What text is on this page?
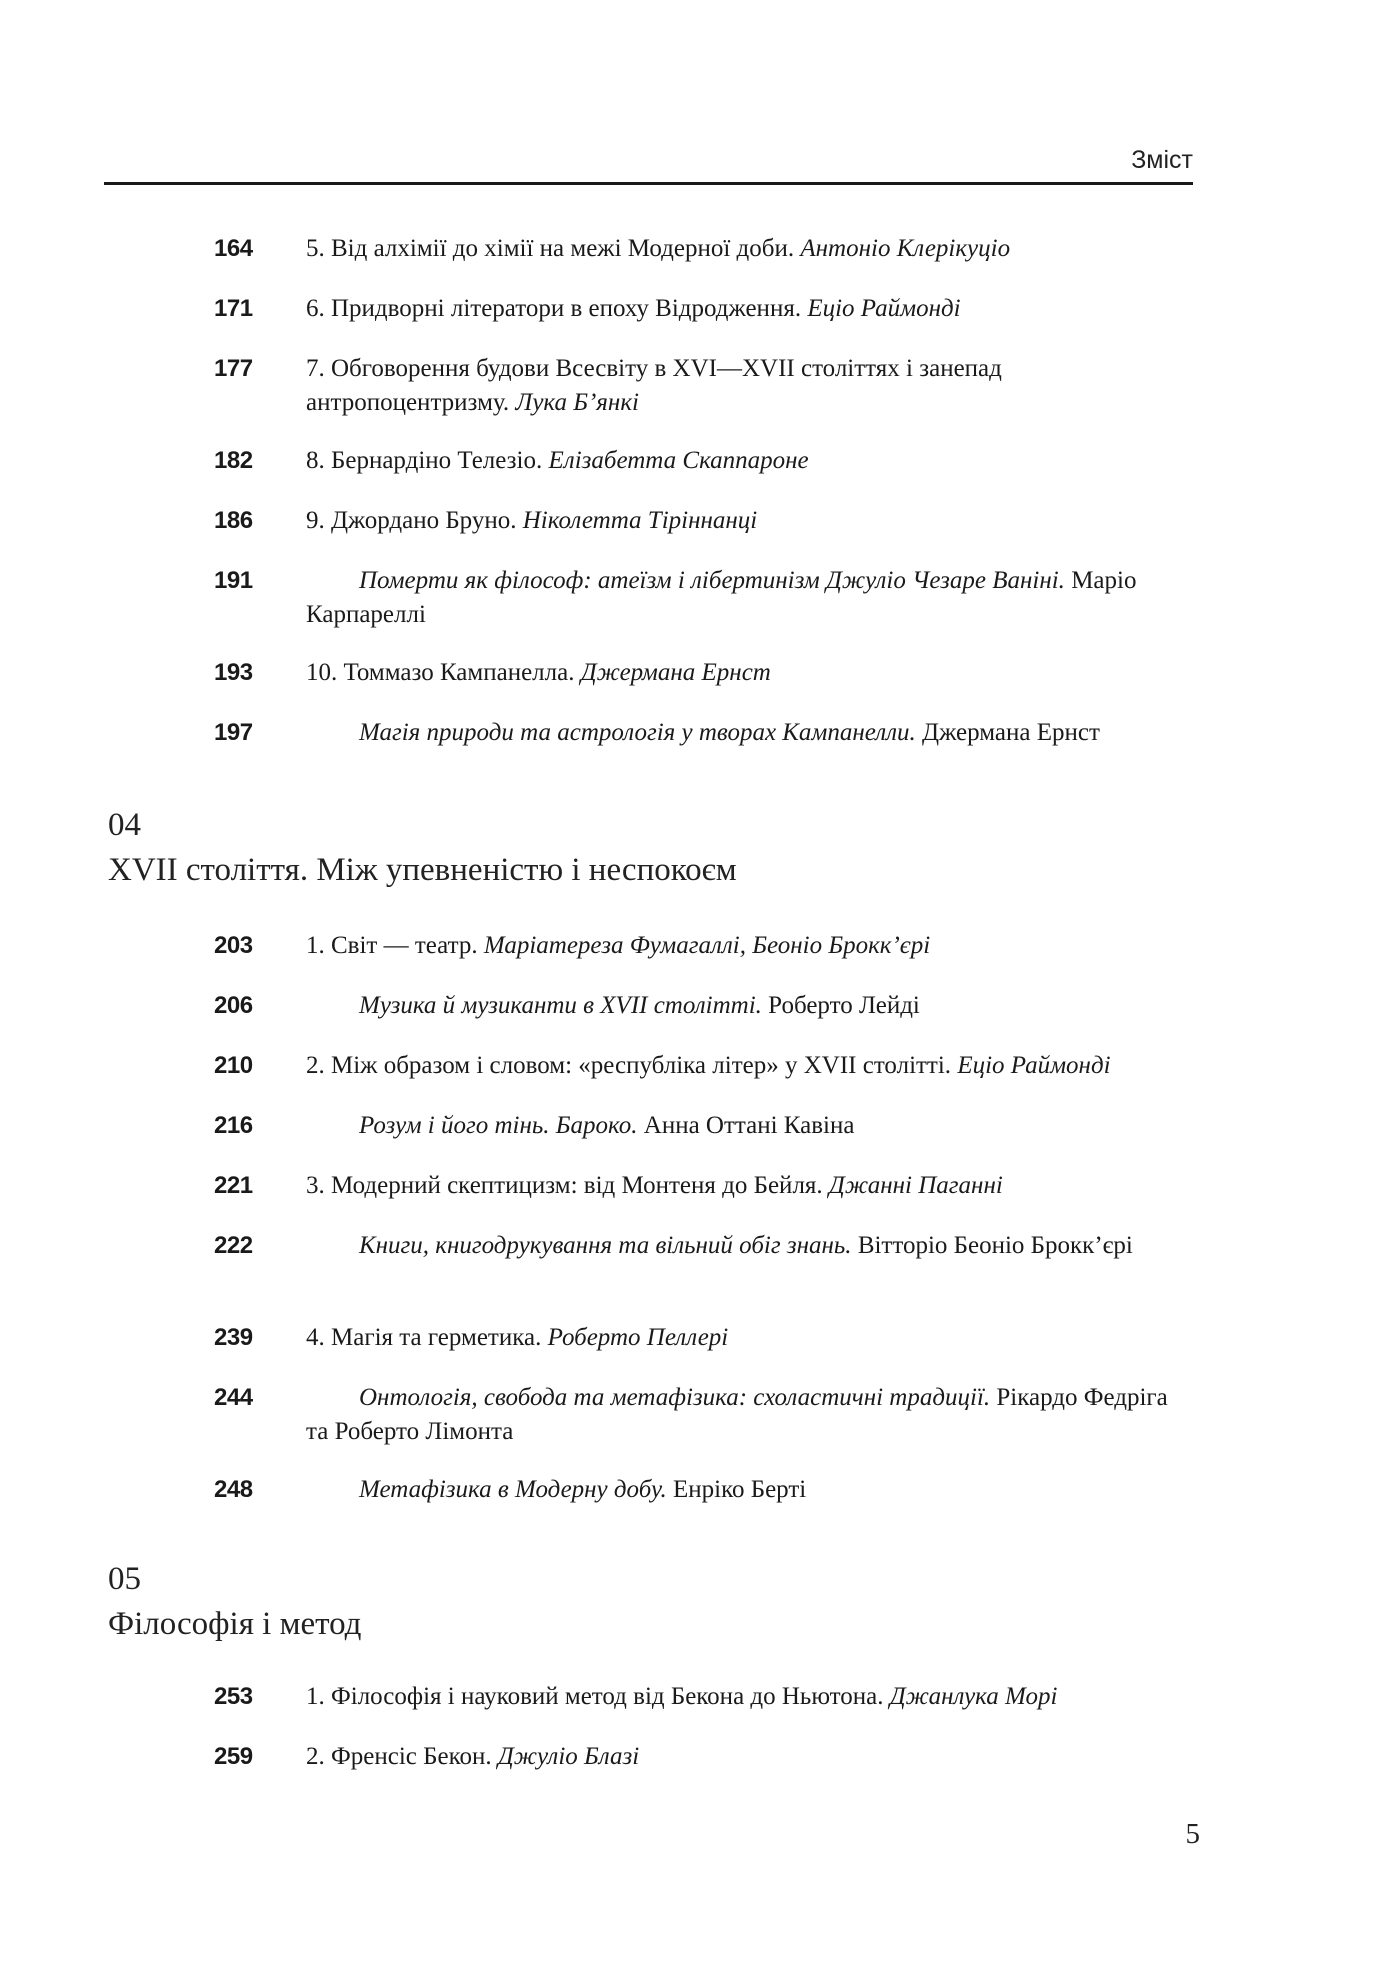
Зміст
164	5. Від алхімії до хімії на межі Модерної доби. Антоніо Клерікуціо
171	6. Придворні літератори в епоху Відродження. Еціо Раймонді
177	7. Обговорення будови Всесвіту в XVI—XVII століттях і занепад антропоцентризму. Лука Б’янкі
182	8. Бернардіно Телезіо. Елізабетта Скаппароне
186	9. Джордано Бруно. Ніколетта Тіріннанці
191	Померти як філософ: атеїзм і лібертинізм Джуліо Чезаре Ваніні. Маріо Карпареллі
193	10. Томмазо Кампанелла. Джермана Ернст
197	Магія природи та астрологія у творах Кампанелли. Джермана Ернст
04
XVII століття. Між упевненістю і неспокоєм
203	1. Світ — театр. Маріатереза Фумагаллі, Беоніо Брокк’єрі
206	Музика й музиканти в XVII столітті. Роберто Лейді
210	2. Між образом і словом: «республіка літер» у XVII столітті. Еціо Раймонді
216	Розум і його тінь. Бароко. Анна Оттані Кавіна
221	3. Модерний скептицизм: від Монтеня до Бейля. Джанні Паганні
222	Книги, книгодрукування та вільний обіг знань. Вітторіо Беоніо Брокк’єрі
239	4. Магія та герметика. Роберто Пеллері
244	Онтологія, свобода та метафізика: схоластичні традиції. Рікардо Федріга та Роберто Лімонта
248	Метафізика в Модерну добу. Енріко Берті
05
Філософія і метод
253	1. Філософія і науковий метод від Бекона до Ньютона. Джанлука Морі
259	2. Френсіс Бекон. Джуліо Блазі
5
